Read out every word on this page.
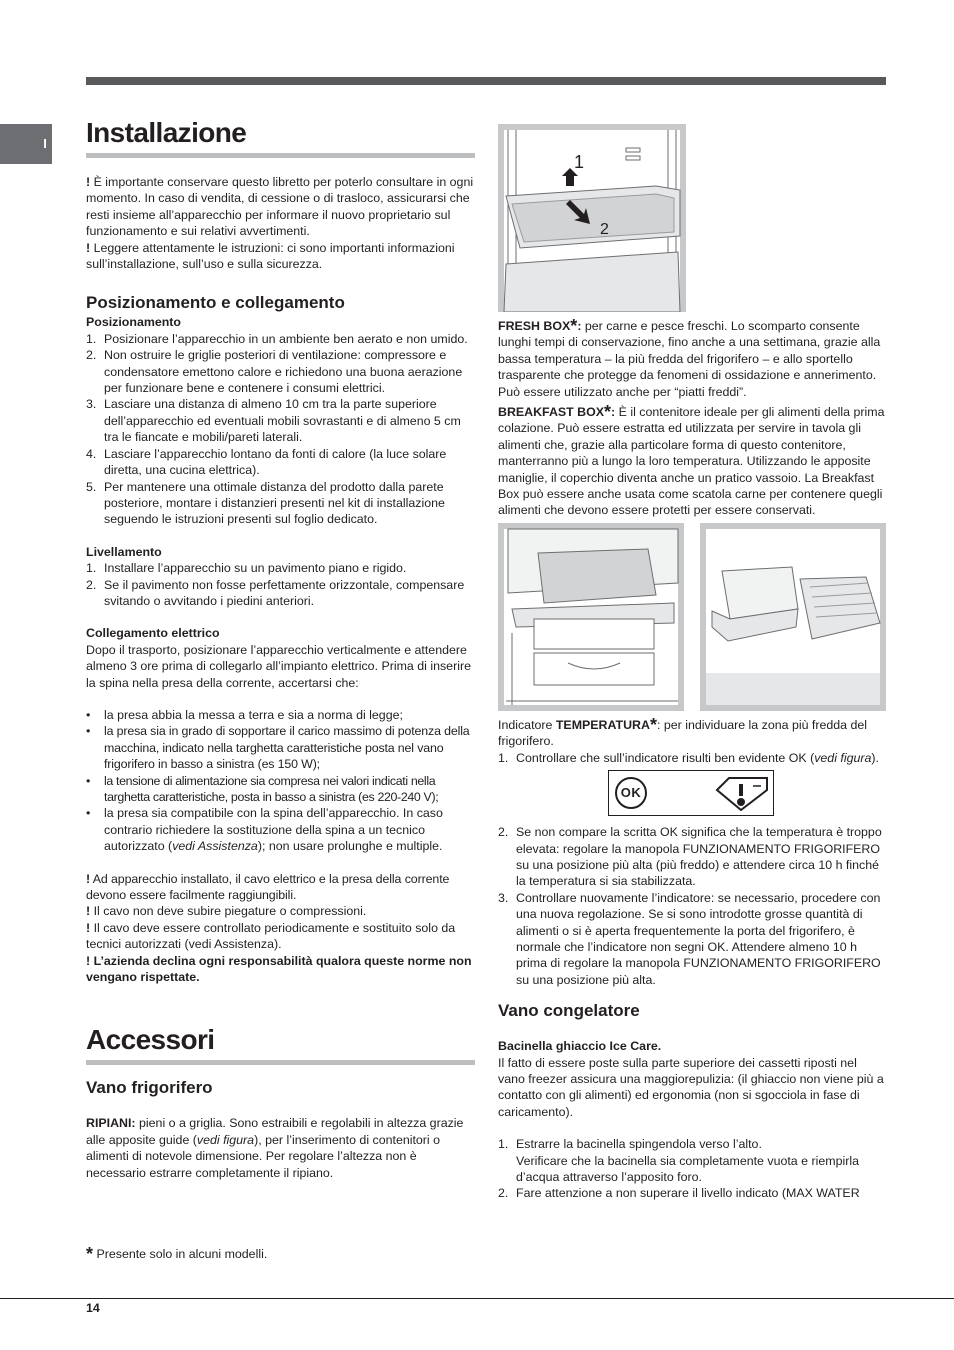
I Installazione

! È importante conservare questo libretto per poterlo consultare in ogni momento. In caso di vendita, di cessione o di trasloco, assicurarsi che resti insieme all’apparecchio per informare il nuovo proprietario sul funzionamento e sui relativi avvertimenti.

! Leggere attentamente le istruzioni: ci sono importanti informazioni sull’installazione, sull’uso e sulla sicurezza.

Posizionamento e collegamento

Posizionamento

1. Posizionare l’apparecchio in un ambiente ben aerato e non umido.
2. Non ostruire le griglie posteriori di ventilazione: compressore e condensatore emettono calore e richiedono una buona aerazione per funzionare bene e contenere i consumi elettrici.
3. Lasciare una distanza di almeno 10 cm tra la parte superiore dell’apparecchio ed eventuali mobili sovrastanti e di almeno 5 cm tra le fiancate e mobili/pareti laterali.
4. Lasciare l’apparecchio lontano da fonti di calore (la luce solare diretta, una cucina elettrica).
5. Per mantenere una ottimale distanza del prodotto dalla parete posteriore, montare i distanzieri presenti nel kit di installazione seguendo le istruzioni presenti sul foglio dedicato.

Livellamento

1. Installare l’apparecchio su un pavimento piano e rigido.
2. Se il pavimento non fosse perfettamente orizzontale, compensare svitando o avvitando i piedini anteriori.

Collegamento elettrico

Dopo il trasporto, posizionare l’apparecchio verticalmente e attendere almeno 3 ore prima di collegarlo all’impianto elettrico. Prima di inserire la spina nella presa della corrente, accertarsi che:

• la presa abbia la messa a terra e sia a norma di legge;
• la presa sia in grado di sopportare il carico massimo di potenza della macchina, indicato nella targhetta caratteristiche posta nel vano frigorifero in basso a sinistra (es 150 W);
• la tensione di alimentazione sia compresa nei valori indicati nella targhetta caratteristiche, posta in basso a sinistra (es 220-240 V);
• la presa sia compatibile con la spina dell’apparecchio. In caso contrario richiedere la sostituzione della spina a un tecnico autorizzato (vedi Assistenza); non usare prolunghe e multiple.

! Ad apparecchio installato, il cavo elettrico e la presa della corrente devono essere facilmente raggiungibili.

! Il cavo non deve subire piegature o compressioni.

! Il cavo deve essere controllato periodicamente e sostituito solo da tecnici autorizzati (vedi Assistenza).

! L’azienda declina ogni responsabilità qualora queste norme non vengano rispettate.

Accessori
Vano frigorifero

RIPIANI: pieni o a griglia. Sono estraibili e regolabili in altezza grazie alle apposite guide (vedi figura), per l’inserimento di contenitori o alimenti di notevole dimensione. Per regolare l’altezza non è necessario estrarre completamente il ripiano.

* Presente solo in alcuni modelli.
14
1
2

FRESH BOX*: per carne e pesce freschi. Lo scomparto consente lunghi tempi di conservazione, fino anche a una settimana, grazie alla bassa temperatura – la più fredda del frigorifero – e allo sportello trasparente che protegge da fenomeni di ossidazione e annerimento. Può essere utilizzato anche per “piatti freddi”.

BREAKFAST BOX*: È il contenitore ideale per gli alimenti della prima colazione. Può essere estratta ed utilizzata per servire in tavola gli alimenti che, grazie alla particolare forma di questo contenitore, manterranno più a lungo la loro temperatura. Utilizzando le apposite maniglie, il coperchio diventa anche un pratico vassoio. La Breakfast Box può essere anche usata come scatola carne per contenere quegli alimenti che devono essere protetti per essere conservati.

Indicatore TEMPERATURA*: per individuare la zona più fredda del frigorifero.

1. Controllare che sull’indicatore risulti ben evidente OK (vedi figura).
OK
2. Se non compare la scritta OK significa che la temperatura è troppo elevata: regolare la manopola FUNZIONAMENTO FRIGORIFERO su una posizione più alta (più freddo) e attendere circa 10 h finché la temperatura si sia stabilizzata.
3. Controllare nuovamente l’indicatore: se necessario, procedere con una nuova regolazione. Se si sono introdotte grosse quantità di alimenti o si è aperta frequentemente la porta del frigorifero, è normale che l’indicatore non segni OK. Attendere almeno 10 h prima di regolare la manopola FUNZIONAMENTO FRIGORIFERO su una posizione più alta.
Vano congelatore

Bacinella ghiaccio Ice Care.

Il fatto di essere poste sulla parte superiore dei cassetti riposti nel vano freezer assicura una maggiorepulizia: (il ghiaccio non viene più a contatto con gli alimenti) ed ergonomia (non si sgocciola in fase di caricamento).

1. Estrarre la bacinella spingendola verso l’alto.
Verificare che la bacinella sia completamente vuota e riempirla d’acqua attraverso l’apposito foro.
2. Fare attenzione a non superare il livello indicato (MAX WATER
